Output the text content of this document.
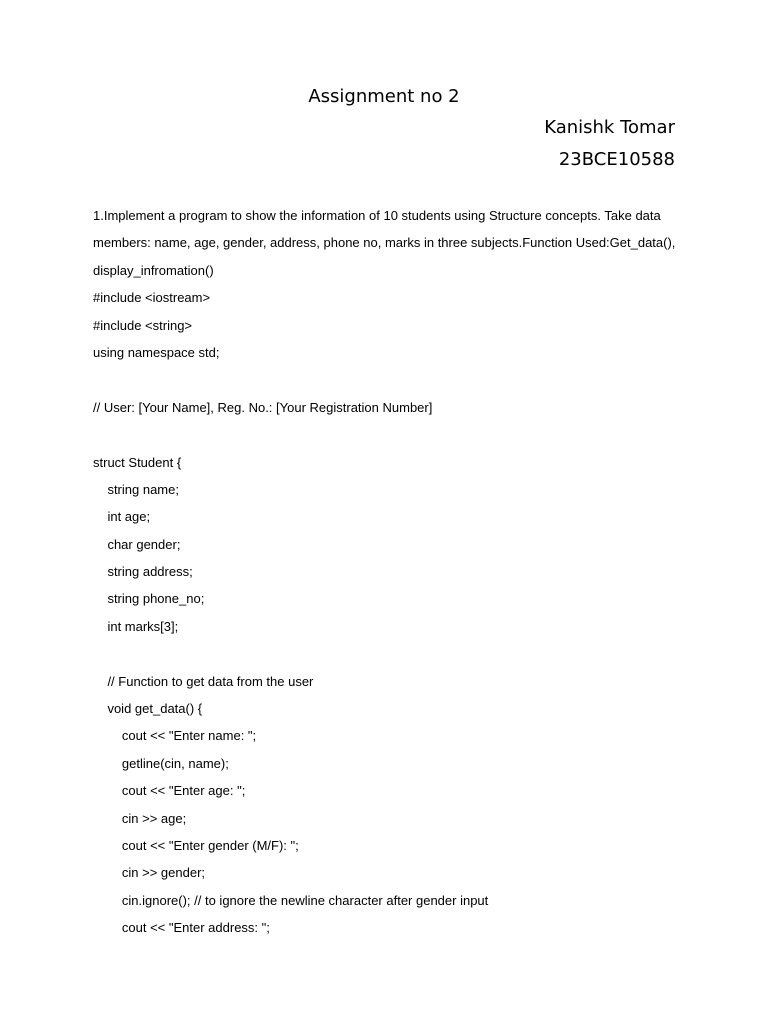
Assignment no 2
Kanishk Tomar
23BCE10588
1.Implement a program to show the information of 10 students using Structure concepts. Take data
members: name, age, gender, address, phone no, marks in three subjects.Function Used:Get_data(),
display_infromation()
#include <iostream>
#include <string>
using namespace std;
// User: [Your Name], Reg. No.: [Your Registration Number]
struct Student {
string name;
int age;
char gender;
string address;
string phone_no;
int marks[3];
// Function to get data from the user
void get_data() {
cout << "Enter name: ";
getline(cin, name);
cout << "Enter age: ";
cin >> age;
cout << "Enter gender (M/F): ";
cin >> gender;
cin.ignore(); // to ignore the newline character after gender input
cout << "Enter address: ";
